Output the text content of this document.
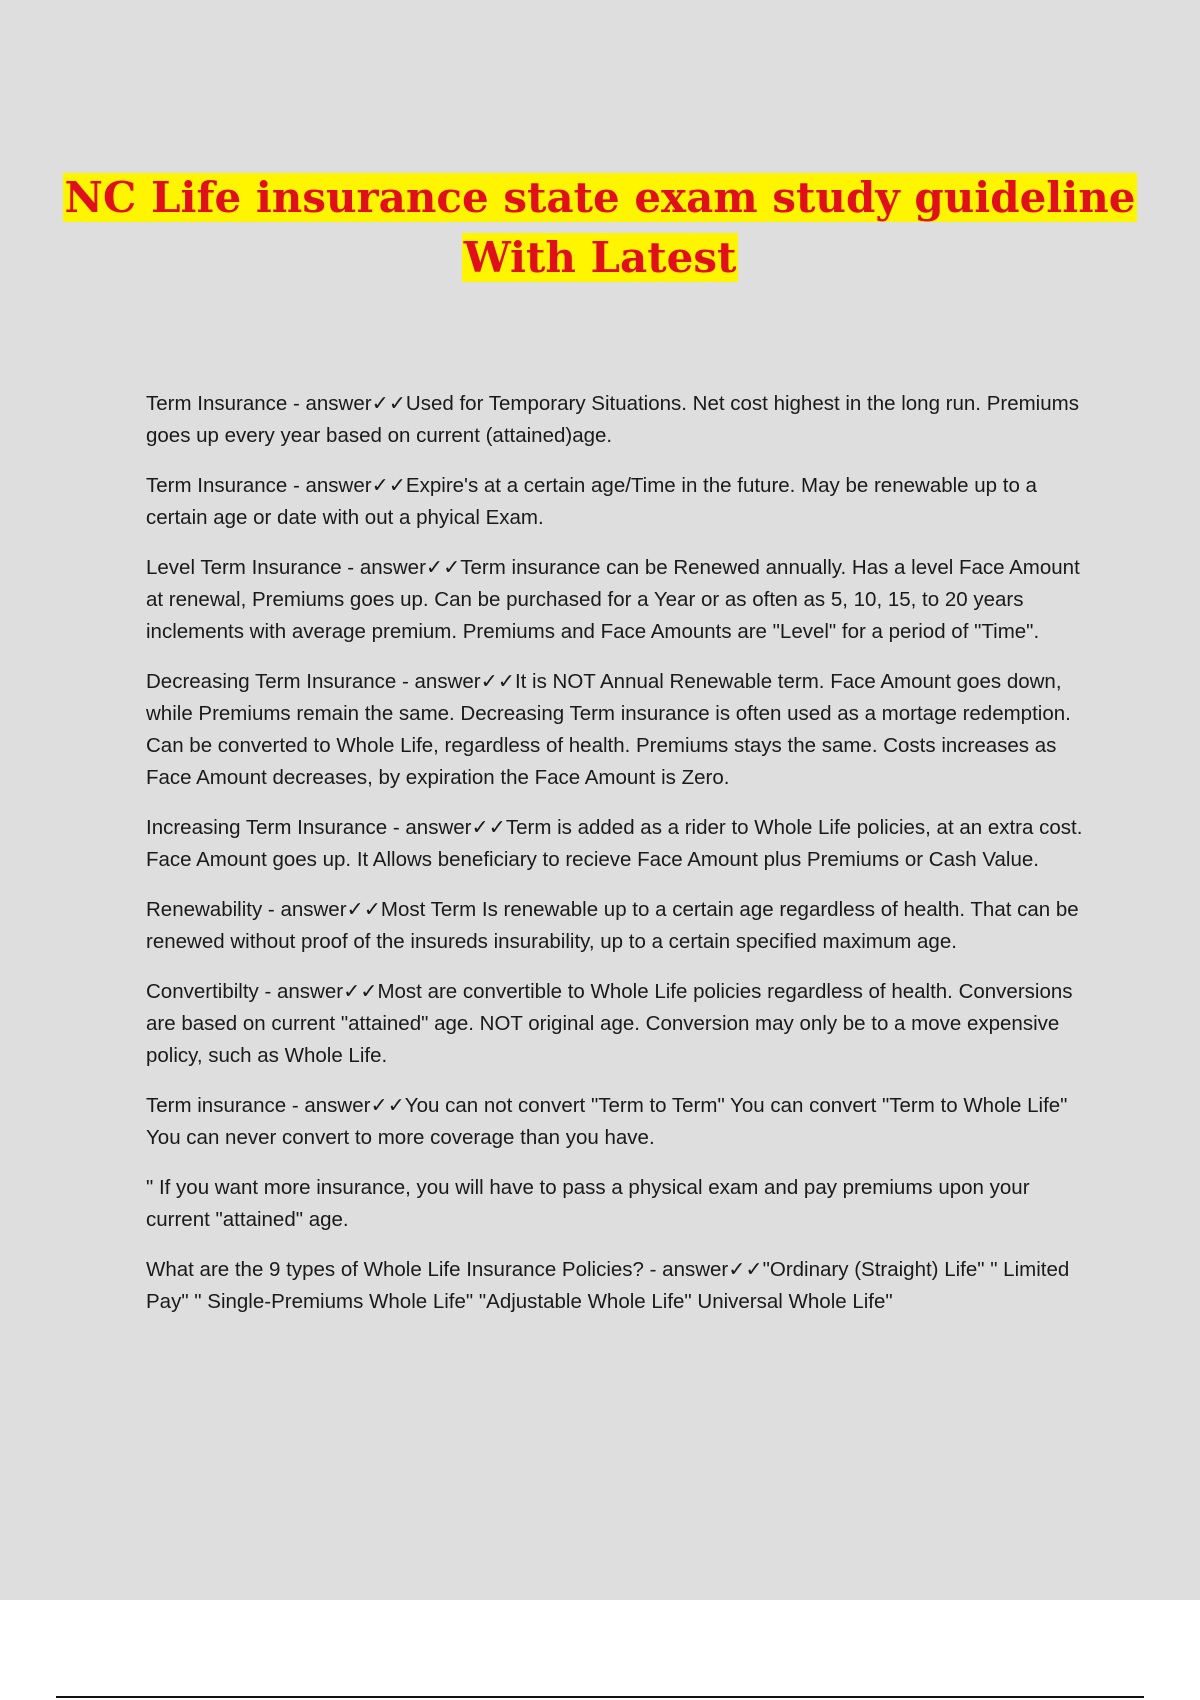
NC Life insurance state exam study guideline
With Latest

Term Insurance - answer✓✓Used for Temporary Situations. Net cost highest in the long run. Premiums goes up every year based on current (attained)age.

Term Insurance - answer✓✓Expire's at a certain age/Time in the future. May be renewable up to a certain age or date with out a phyical Exam.

Level Term Insurance - answer✓✓Term insurance can be Renewed annually. Has a level Face Amount at renewal, Premiums goes up. Can be purchased for a Year or as often as 5, 10, 15, to 20 years inclements with average premium. Premiums and Face Amounts are "Level" for a period of "Time".

Decreasing Term Insurance - answer✓✓It is NOT Annual Renewable term. Face Amount goes down, while Premiums remain the same. Decreasing Term insurance is often used as a mortage redemption. Can be converted to Whole Life, regardless of health. Premiums stays the same. Costs increases as Face Amount decreases, by expiration the Face Amount is Zero.

Increasing Term Insurance - answer✓✓Term is added as a rider to Whole Life policies, at an extra cost. Face Amount goes up. It Allows beneficiary to recieve Face Amount plus Premiums or Cash Value.

Renewability - answer✓✓Most Term Is renewable up to a certain age regardless of health. That can be renewed without proof of the insureds insurability, up to a certain specified maximum age.

Convertibilty - answer✓✓Most are convertible to Whole Life policies regardless of health. Conversions are based on current "attained" age. NOT original age. Conversion may only be to a move expensive policy, such as Whole Life.

Term insurance - answer✓✓You can not convert "Term to Term" You can convert "Term to Whole Life" You can never convert to more coverage than you have.

" If you want more insurance, you will have to pass a physical exam and pay premiums upon your current "attained" age.

What are the 9 types of Whole Life Insurance Policies? - answer✓✓"Ordinary (Straight) Life" " Limited Pay" " Single-Premiums Whole Life" "Adjustable Whole Life" Universal Whole Life"
